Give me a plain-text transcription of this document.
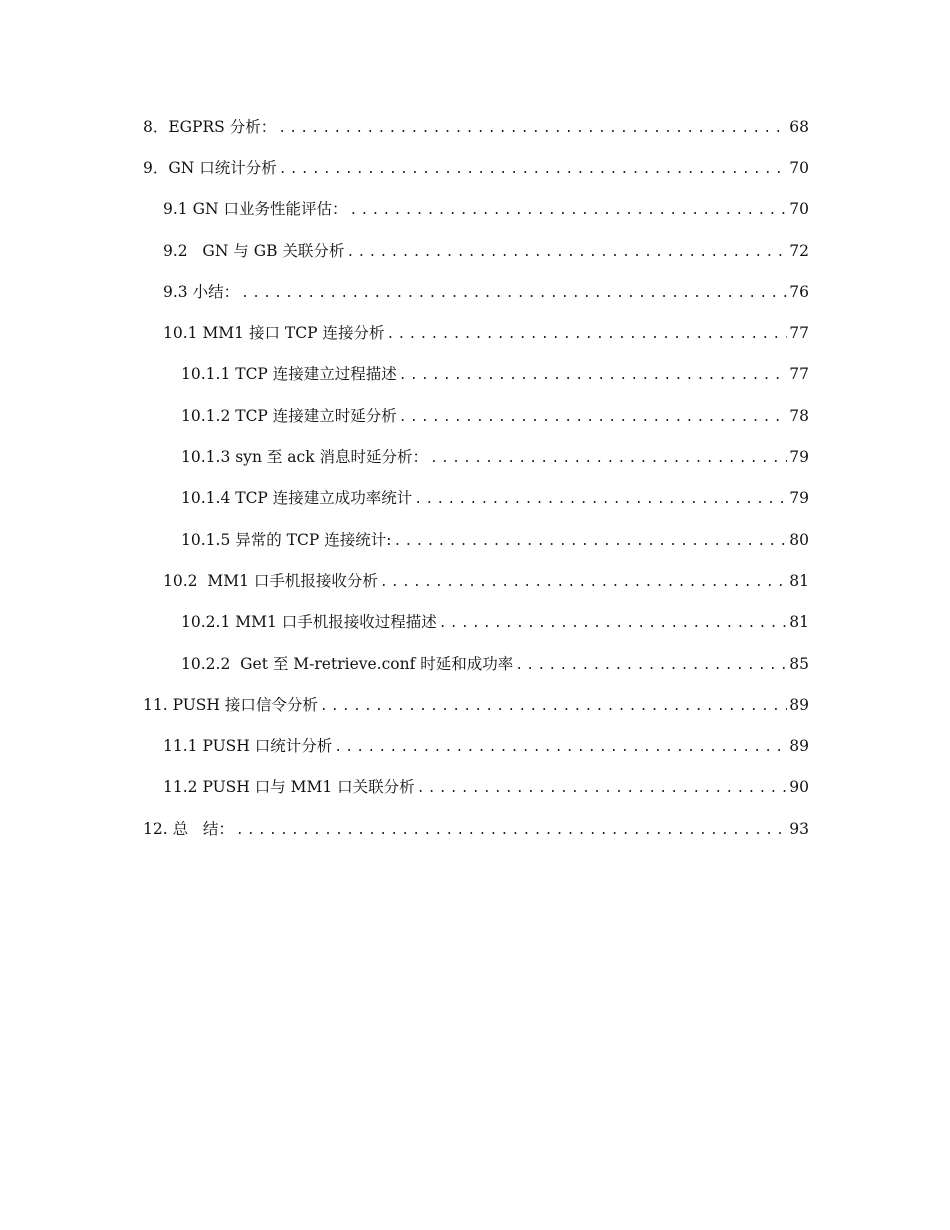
8．EGPRS 分析： .....	68
9．GN 口统计分析 .....	70
9.1 GN 口业务性能评估： .....	70
9.2   GN 与 GB 关联分析 .....	72
9.3 小结： .....	76
10.1 MM1 接口 TCP 连接分析 .....	77
10.1.1 TCP 连接建立过程描述 .....	77
10.1.2 TCP 连接建立时延分析 .....	78
10.1.3 syn 至 ack 消息时延分析： .....	79
10.1.4 TCP 连接建立成功率统计 .....	79
10.1.5 异常的 TCP 连接统计: .....	80
10.2  MM1 口手机报接收分析 .....	81
10.2.1 MM1 口手机报接收过程描述 .....	81
10.2.2  Get 至 M-retrieve.conf 时延和成功率 .....	85
11. PUSH 接口信令分析 .....	89
11.1 PUSH 口统计分析 .....	89
11.2 PUSH 口与 MM1 口关联分析 .....	90
12. 总   结： .....	93
